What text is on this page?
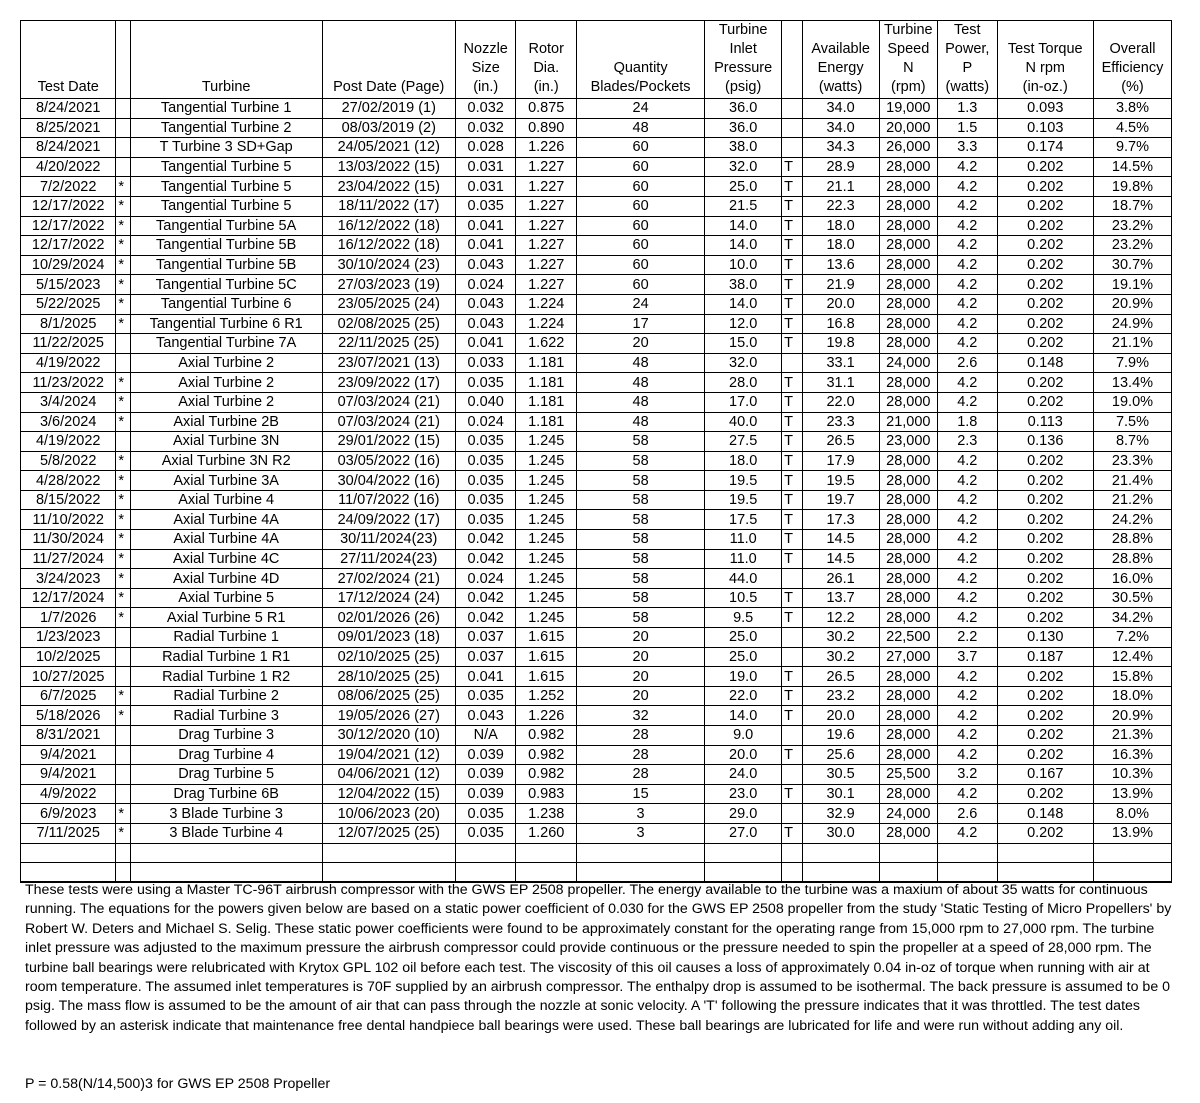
Test Date		Turbine	Post Date (Page)	Nozzle
Size
(in.)	Rotor
Dia.
(in.)	Quantity
Blades/Pockets	Turbine
Inlet
Pressure
(psig)		Available
Energy
(watts)	Turbine
Speed
N
(rpm)	Test
Power,
P
(watts)	Test Torque
N rpm
(in-oz.)	Overall
Efficiency
(%)

8/24/2021		Tangential Turbine 1	27/02/2019 (1)	0.032	0.875	24	36.0		34.0	19,000	1.3	0.093	3.8%
8/25/2021		Tangential Turbine 2	08/03/2019 (2)	0.032	0.890	48	36.0		34.0	20,000	1.5	0.103	4.5%
8/24/2021		T Turbine 3 SD+Gap	24/05/2021 (12)	0.028	1.226	60	38.0		34.3	26,000	3.3	0.174	9.7%
4/20/2022		Tangential Turbine 5	13/03/2022 (15)	0.031	1.227	60	32.0	T	28.9	28,000	4.2	0.202	14.5%
7/2/2022	*	Tangential Turbine 5	23/04/2022 (15)	0.031	1.227	60	25.0	T	21.1	28,000	4.2	0.202	19.8%
12/17/2022	*	Tangential Turbine 5	18/11/2022 (17)	0.035	1.227	60	21.5	T	22.3	28,000	4.2	0.202	18.7%
12/17/2022	*	Tangential Turbine 5A	16/12/2022 (18)	0.041	1.227	60	14.0	T	18.0	28,000	4.2	0.202	23.2%
12/17/2022	*	Tangential Turbine 5B	16/12/2022 (18)	0.041	1.227	60	14.0	T	18.0	28,000	4.2	0.202	23.2%
10/29/2024	*	Tangential Turbine 5B	30/10/2024 (23)	0.043	1.227	60	10.0	T	13.6	28,000	4.2	0.202	30.7%
5/15/2023	*	Tangential Turbine 5C	27/03/2023 (19)	0.024	1.227	60	38.0	T	21.9	28,000	4.2	0.202	19.1%
5/22/2025	*	Tangential Turbine 6	23/05/2025 (24)	0.043	1.224	24	14.0	T	20.0	28,000	4.2	0.202	20.9%
8/1/2025	*	Tangential Turbine 6 R1	02/08/2025 (25)	0.043	1.224	17	12.0	T	16.8	28,000	4.2	0.202	24.9%
11/22/2025		Tangential Turbine 7A	22/11/2025 (25)	0.041	1.622	20	15.0	T	19.8	28,000	4.2	0.202	21.1%
4/19/2022		Axial Turbine 2	23/07/2021 (13)	0.033	1.181	48	32.0		33.1	24,000	2.6	0.148	7.9%
11/23/2022	*	Axial Turbine 2	23/09/2022 (17)	0.035	1.181	48	28.0	T	31.1	28,000	4.2	0.202	13.4%
3/4/2024	*	Axial Turbine 2	07/03/2024 (21)	0.040	1.181	48	17.0	T	22.0	28,000	4.2	0.202	19.0%
3/6/2024	*	Axial Turbine 2B	07/03/2024 (21)	0.024	1.181	48	40.0	T	23.3	21,000	1.8	0.113	7.5%
4/19/2022		Axial Turbine 3N	29/01/2022 (15)	0.035	1.245	58	27.5	T	26.5	23,000	2.3	0.136	8.7%
5/8/2022	*	Axial Turbine 3N R2	03/05/2022 (16)	0.035	1.245	58	18.0	T	17.9	28,000	4.2	0.202	23.3%
4/28/2022	*	Axial Turbine 3A	30/04/2022 (16)	0.035	1.245	58	19.5	T	19.5	28,000	4.2	0.202	21.4%
8/15/2022	*	Axial Turbine 4	11/07/2022 (16)	0.035	1.245	58	19.5	T	19.7	28,000	4.2	0.202	21.2%
11/10/2022	*	Axial Turbine 4A	24/09/2022 (17)	0.035	1.245	58	17.5	T	17.3	28,000	4.2	0.202	24.2%
11/30/2024	*	Axial Turbine 4A	30/11/2024(23)	0.042	1.245	58	11.0	T	14.5	28,000	4.2	0.202	28.8%
11/27/2024	*	Axial Turbine 4C	27/11/2024(23)	0.042	1.245	58	11.0	T	14.5	28,000	4.2	0.202	28.8%
3/24/2023	*	Axial Turbine 4D	27/02/2024 (21)	0.024	1.245	58	44.0		26.1	28,000	4.2	0.202	16.0%
12/17/2024	*	Axial Turbine 5	17/12/2024 (24)	0.042	1.245	58	10.5	T	13.7	28,000	4.2	0.202	30.5%
1/7/2026	*	Axial Turbine 5 R1	02/01/2026 (26)	0.042	1.245	58	9.5	T	12.2	28,000	4.2	0.202	34.2%
1/23/2023		Radial Turbine 1	09/01/2023 (18)	0.037	1.615	20	25.0		30.2	22,500	2.2	0.130	7.2%
10/2/2025		Radial Turbine 1 R1	02/10/2025 (25)	0.037	1.615	20	25.0		30.2	27,000	3.7	0.187	12.4%
10/27/2025		Radial Turbine 1 R2	28/10/2025 (25)	0.041	1.615	20	19.0	T	26.5	28,000	4.2	0.202	15.8%
6/7/2025	*	Radial Turbine 2	08/06/2025 (25)	0.035	1.252	20	22.0	T	23.2	28,000	4.2	0.202	18.0%
5/18/2026	*	Radial Turbine 3	19/05/2026 (27)	0.043	1.226	32	14.0	T	20.0	28,000	4.2	0.202	20.9%
8/31/2021		Drag Turbine 3	30/12/2020 (10)	N/A	0.982	28	9.0		19.6	28,000	4.2	0.202	21.3%
9/4/2021		Drag Turbine 4	19/04/2021 (12)	0.039	0.982	28	20.0	T	25.6	28,000	4.2	0.202	16.3%
9/4/2021		Drag Turbine 5	04/06/2021 (12)	0.039	0.982	28	24.0		30.5	25,500	3.2	0.167	10.3%
4/9/2022		Drag Turbine 6B	12/04/2022 (15)	0.039	0.983	15	23.0	T	30.1	28,000	4.2	0.202	13.9%
6/9/2023	*	3 Blade Turbine 3	10/06/2023 (20)	0.035	1.238	3	29.0		32.9	24,000	2.6	0.148	8.0%
7/11/2025	*	3 Blade Turbine 4	12/07/2025 (25)	0.035	1.260	3	27.0	T	30.0	28,000	4.2	0.202	13.9%

These tests were using a Master TC-96T airbrush compressor with the GWS EP 2508 propeller. The energy available to the turbine was a maxium of about 35 watts for continuous running. The equations for the powers given below are based on a static power coefficient of 0.030 for the GWS EP 2508 propeller from the study 'Static Testing of Micro Propellers' by Robert W. Deters and Michael S. Selig. These static power coefficients were found to be approximately constant for the operating range from 15,000 rpm to 27,000 rpm. The turbine inlet pressure was adjusted to the maximum pressure the airbrush compressor could provide continuous or the pressure needed to spin the propeller at a speed of 28,000 rpm. The turbine ball bearings were relubricated with Krytox GPL 102 oil before each test. The viscosity of this oil causes a loss of approximately 0.04 in-oz of torque when running with air at room temperature. The assumed inlet temperatures is 70F supplied by an airbrush compressor. The enthalpy drop is assumed to be isothermal. The back pressure is assumed to be 0 psig. The mass flow is assumed to be the amount of air that can pass through the nozzle at sonic velocity. A 'T' following the pressure indicates that it was throttled. The test dates followed by an asterisk indicate that maintenance free dental handpiece ball bearings were used. These ball bearings are lubricated for life and were run without adding any oil.
P = 0.58(N/14,500)3 for GWS EP 2508 Propeller
